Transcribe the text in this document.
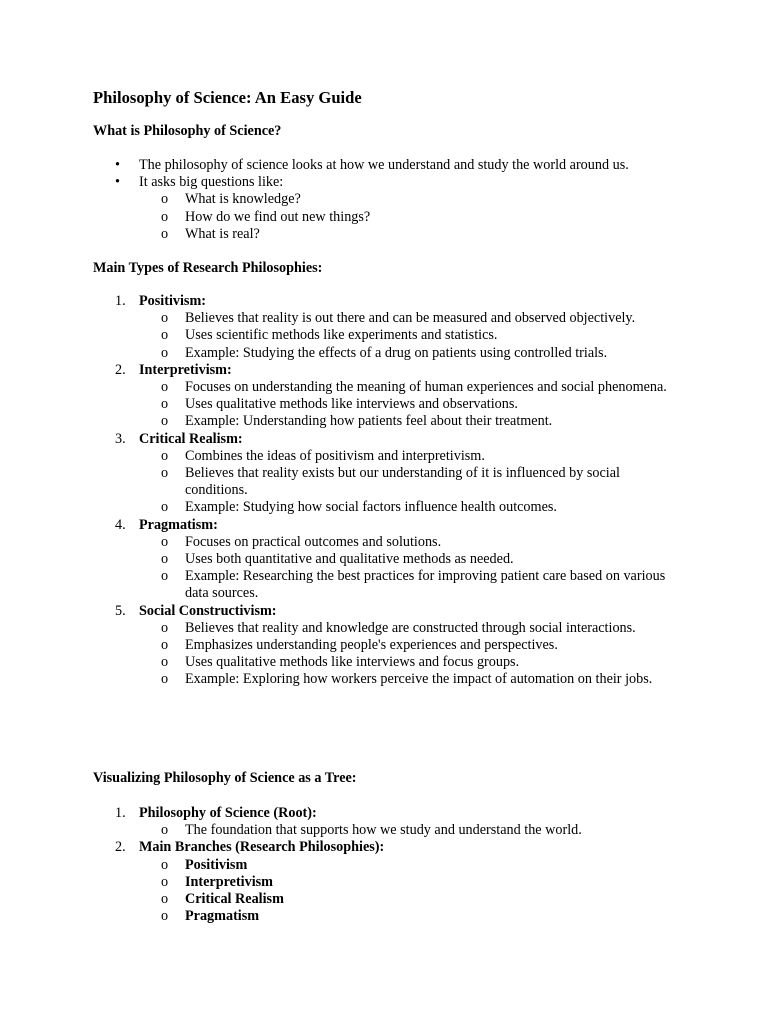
Philosophy of Science: An Easy Guide
What is Philosophy of Science?
• The philosophy of science looks at how we understand and study the world around us.
• It asks big questions like:
o What is knowledge?
o How do we find out new things?
o What is real?
Main Types of Research Philosophies:
1. Positivism:
o Believes that reality is out there and can be measured and observed objectively.
o Uses scientific methods like experiments and statistics.
o Example: Studying the effects of a drug on patients using controlled trials.
2. Interpretivism:
o Focuses on understanding the meaning of human experiences and social phenomena.
o Uses qualitative methods like interviews and observations.
o Example: Understanding how patients feel about their treatment.
3. Critical Realism:
o Combines the ideas of positivism and interpretivism.
o Believes that reality exists but our understanding of it is influenced by social conditions.
o Example: Studying how social factors influence health outcomes.
4. Pragmatism:
o Focuses on practical outcomes and solutions.
o Uses both quantitative and qualitative methods as needed.
o Example: Researching the best practices for improving patient care based on various data sources.
5. Social Constructivism:
o Believes that reality and knowledge are constructed through social interactions.
o Emphasizes understanding people's experiences and perspectives.
o Uses qualitative methods like interviews and focus groups.
o Example: Exploring how workers perceive the impact of automation on their jobs.
Visualizing Philosophy of Science as a Tree:
1. Philosophy of Science (Root):
o The foundation that supports how we study and understand the world.
2. Main Branches (Research Philosophies):
o Positivism
o Interpretivism
o Critical Realism
o Pragmatism
